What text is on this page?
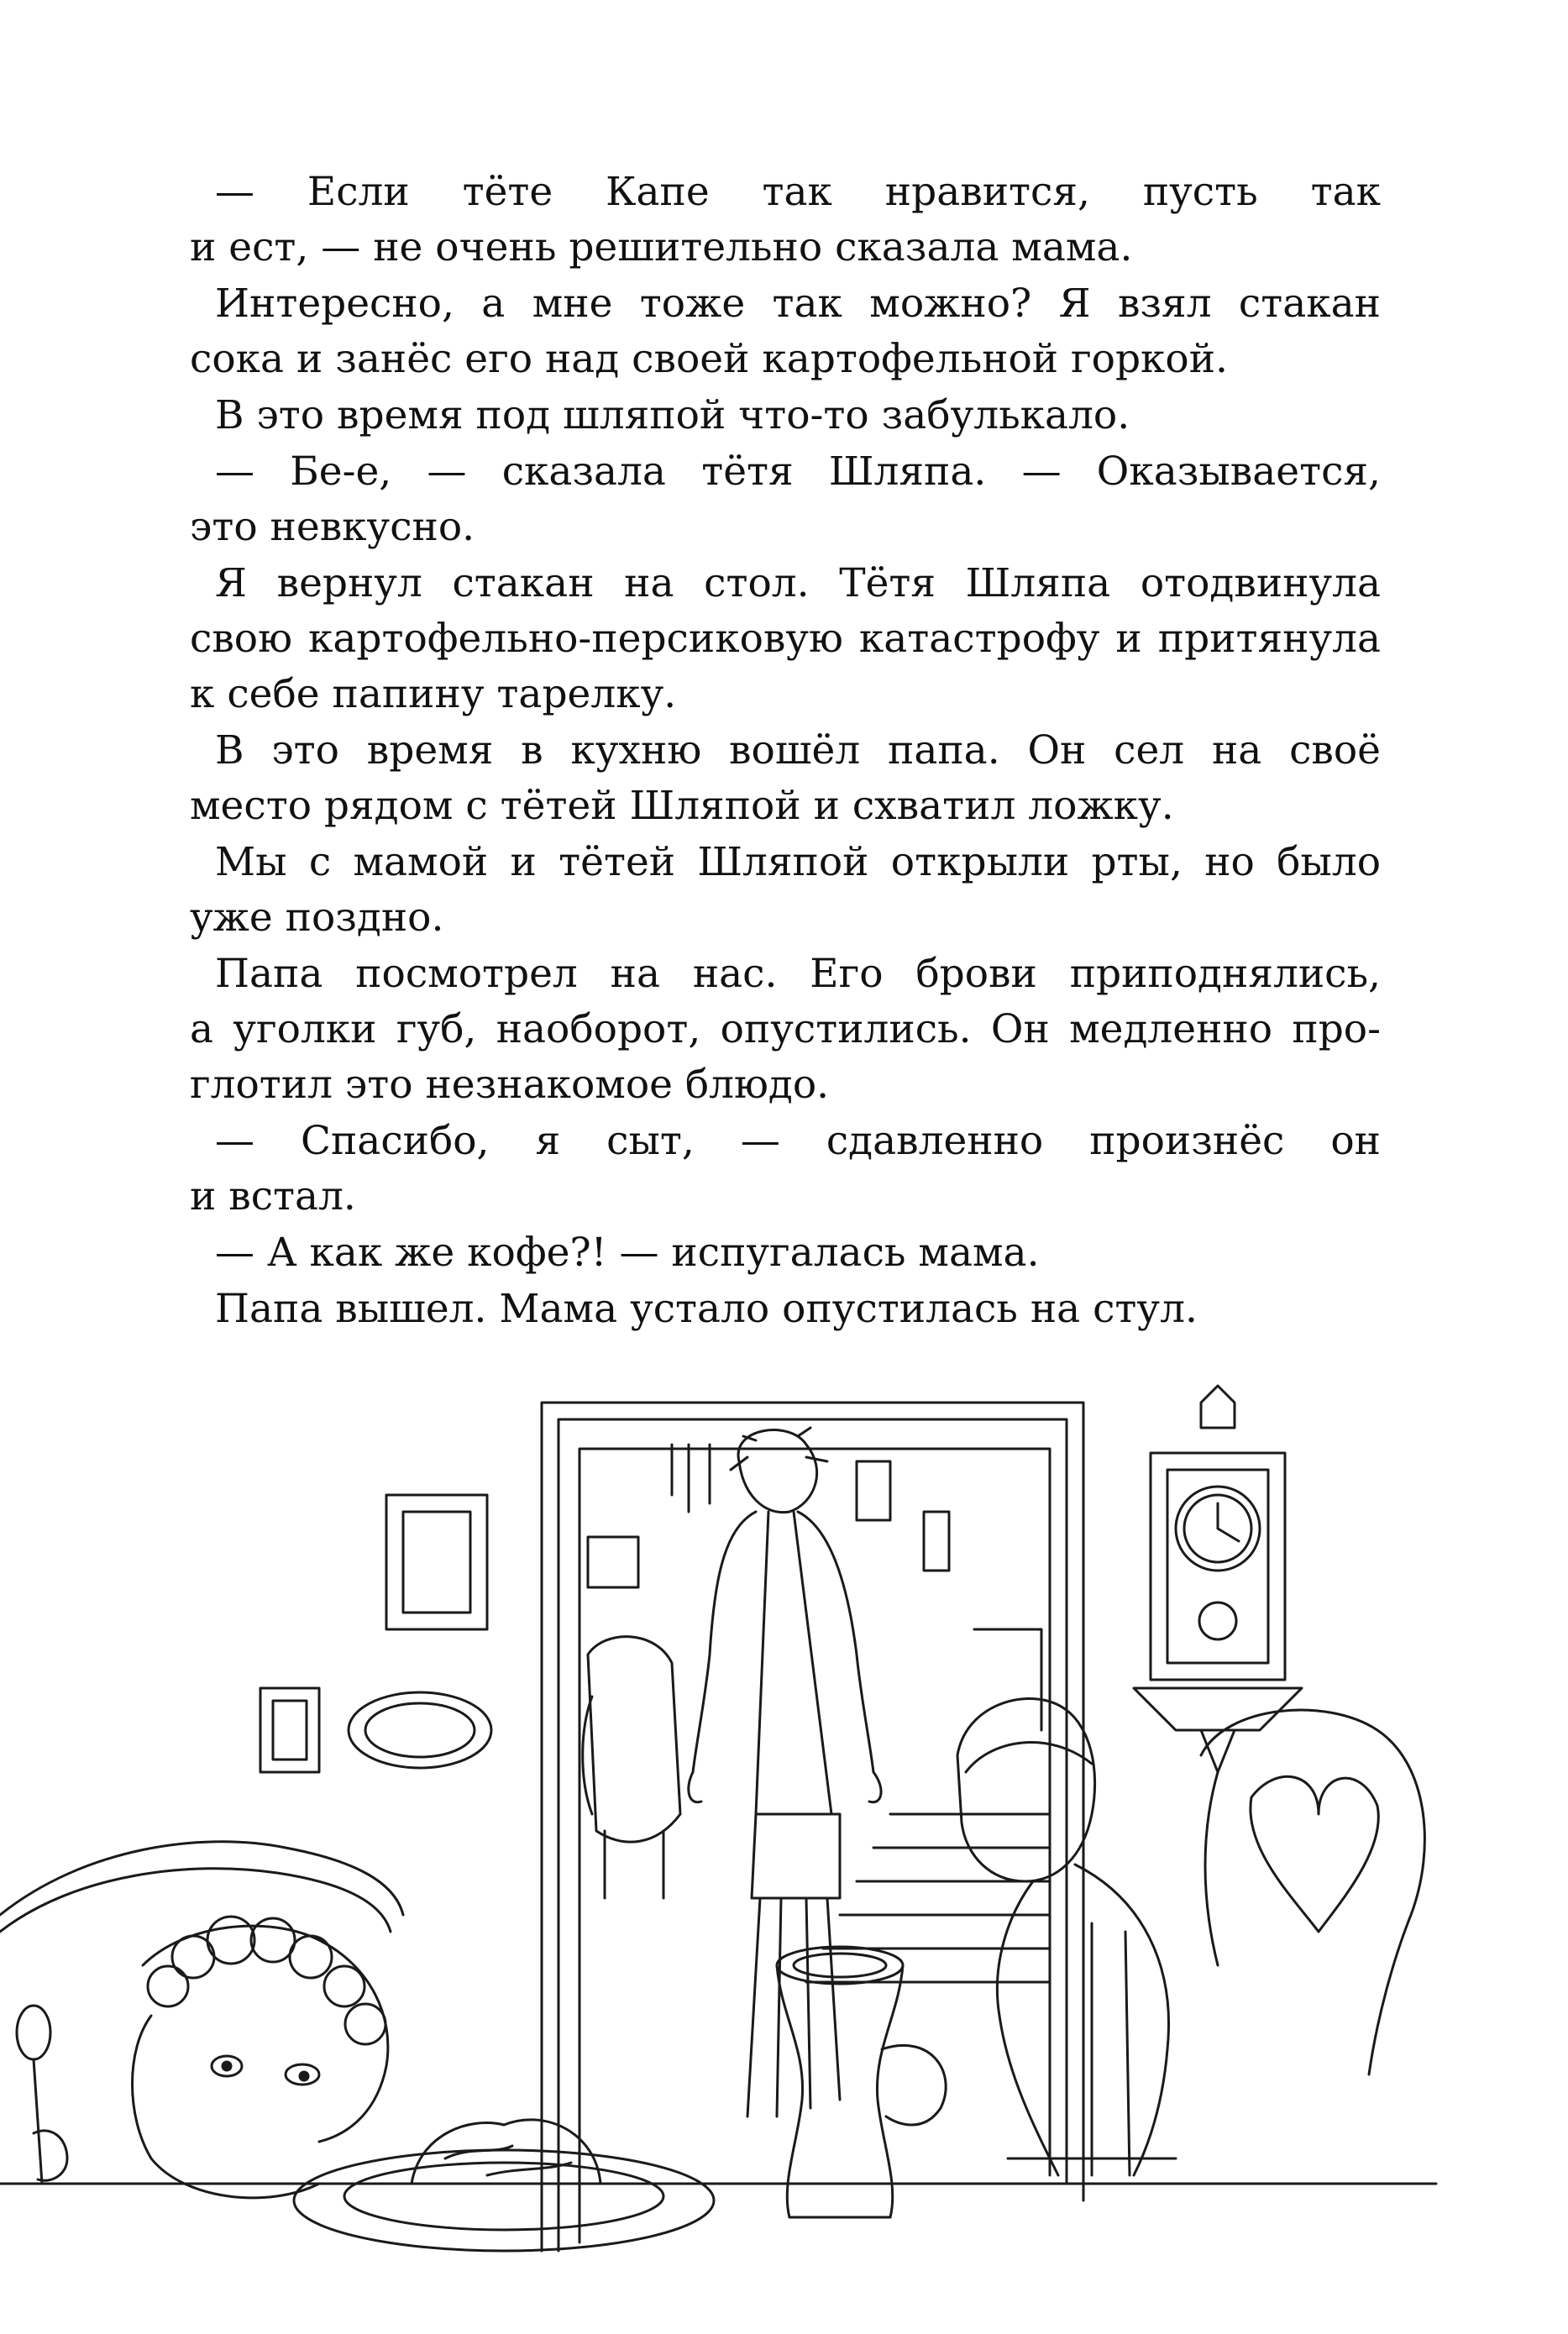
— Если тёте Капе так нравится, пусть так
и ест, — не очень решительно сказала мама.

Интересно, а мне тоже так можно? Я взял стакан
сока и занёс его над своей картофельной горкой.

В это время под шляпой что-то забулькало.

— Бе-е, — сказала тётя Шляпа. — Оказывается,
это невкусно.

Я вернул стакан на стол. Тётя Шляпа отодвинула
свою картофельно-персиковую катастрофу и притянула
к себе папину тарелку.

В это время в кухню вошёл папа. Он сел на своё
место рядом с тётей Шляпой и схватил ложку.

Мы с мамой и тётей Шляпой открыли рты, но было
уже поздно.

Папа посмотрел на нас. Его брови приподнялись,
а уголки губ, наоборот, опустились. Он медленно про-
глотил это незнакомое блюдо.

— Спасибо, я сыт, — сдавленно произнёс он
и встал.

— А как же кофе?! — испугалась мама.

Папа вышел. Мама устало опустилась на стул.
